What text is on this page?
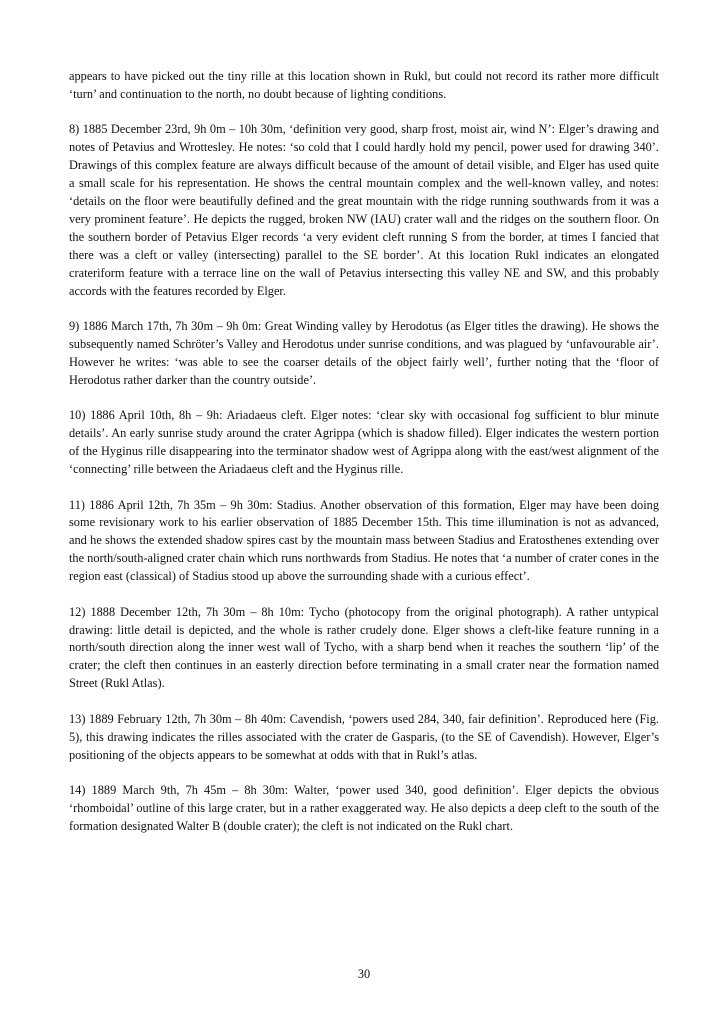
appears to have picked out the tiny rille at this location shown in Rukl, but could not record its rather more difficult ‘turn’ and continuation to the north, no doubt because of lighting conditions.

8) 1885 December 23rd, 9h 0m – 10h 30m, ‘definition very good, sharp frost, moist air, wind N’: Elger’s drawing and notes of Petavius and Wrottesley. He notes: ‘so cold that I could hardly hold my pencil, power used for drawing 340’. Drawings of this complex feature are always difficult because of the amount of detail visible, and Elger has used quite a small scale for his representation. He shows the central mountain complex and the well-known valley, and notes: ‘details on the floor were beautifully defined and the great mountain with the ridge running southwards from it was a very prominent feature’. He depicts the rugged, broken NW (IAU) crater wall and the ridges on the southern floor. On the southern border of Petavius Elger records ‘a very evident cleft running S from the border, at times I fancied that there was a cleft or valley (intersecting) parallel to the SE border’. At this location Rukl indicates an elongated crateriform feature with a terrace line on the wall of Petavius intersecting this valley NE and SW, and this probably accords with the features recorded by Elger.

9) 1886 March 17th, 7h 30m – 9h 0m: Great Winding valley by Herodotus (as Elger titles the drawing). He shows the subsequently named Schröter’s Valley and Herodotus under sunrise conditions, and was plagued by ‘unfavourable air’. However he writes: ‘was able to see the coarser details of the object fairly well’, further noting that the ‘floor of Herodotus rather darker than the country outside’.

10) 1886 April 10th, 8h – 9h: Ariadaeus cleft. Elger notes: ‘clear sky with occasional fog sufficient to blur minute details’. An early sunrise study around the crater Agrippa (which is shadow filled). Elger indicates the western portion of the Hyginus rille disappearing into the terminator shadow west of Agrippa along with the east/west alignment of the ‘connecting’ rille between the Ariadaeus cleft and the Hyginus rille.

11) 1886 April 12th, 7h 35m – 9h 30m: Stadius. Another observation of this formation, Elger may have been doing some revisionary work to his earlier observation of 1885 December 15th. This time illumination is not as advanced, and he shows the extended shadow spires cast by the mountain mass between Stadius and Eratosthenes extending over the north/south-aligned crater chain which runs northwards from Stadius. He notes that ‘a number of crater cones in the region east (classical) of Stadius stood up above the surrounding shade with a curious effect’.

12) 1888 December 12th, 7h 30m – 8h 10m: Tycho (photocopy from the original photograph). A rather untypical drawing: little detail is depicted, and the whole is rather crudely done. Elger shows a cleft-like feature running in a north/south direction along the inner west wall of Tycho, with a sharp bend when it reaches the southern ‘lip’ of the crater; the cleft then continues in an easterly direction before terminating in a small crater near the formation named Street (Rukl Atlas).

13) 1889 February 12th, 7h 30m – 8h 40m: Cavendish, ‘powers used 284, 340, fair definition’. Reproduced here (Fig. 5), this drawing indicates the rilles associated with the crater de Gasparis, (to the SE of Cavendish). However, Elger’s positioning of the objects appears to be somewhat at odds with that in Rukl’s atlas.

14) 1889 March 9th, 7h 45m – 8h 30m: Walter, ‘power used 340, good definition’. Elger depicts the obvious ‘rhomboidal’ outline of this large crater, but in a rather exaggerated way. He also depicts a deep cleft to the south of the formation designated Walter B (double crater); the cleft is not indicated on the Rukl chart.

30
